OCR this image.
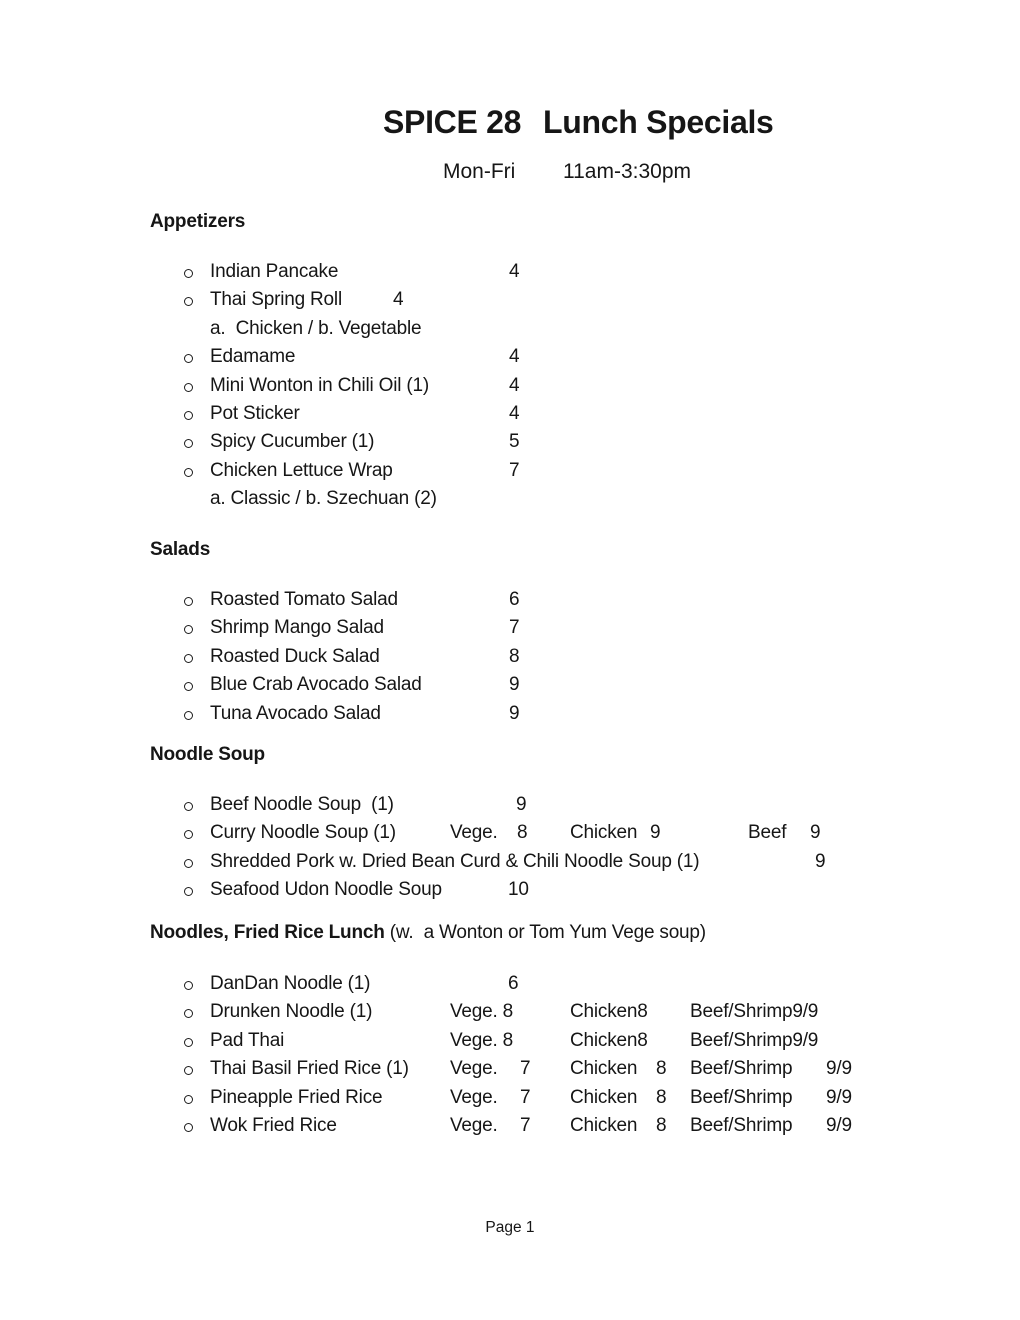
SPICE 28 Lunch Specials
Mon-Fri 11am-3:30pm
Appetizers
Indian Pancake	4
Thai Spring Roll	4
a.  Chicken / b. Vegetable
Edamame	4
Mini Wonton in Chili Oil (1)	4
Pot Sticker	4
Spicy Cucumber (1)	5
Chicken Lettuce Wrap	7
a. Classic / b. Szechuan (2)
Salads
Roasted Tomato Salad	6
Shrimp Mango Salad	7
Roasted Duck Salad	8
Blue Crab Avocado Salad	9
Tuna Avocado Salad	9
Noodle Soup
Beef Noodle Soup  (1)	9
Curry Noodle Soup (1)	Vege. 8 Chicken 9	Beef 9
Shredded Pork w. Dried Bean Curd & Chili Noodle Soup (1)	9
Seafood Udon Noodle Soup	10
Noodles, Fried Rice Lunch (w.  a Wonton or Tom Yum Vege soup)
DanDan Noodle (1)	6
Drunken Noodle (1)	Vege. 8	Chicken8 Beef/Shrimp9/9
Pad Thai	Vege. 8	Chicken8 Beef/Shrimp9/9
Thai Basil Fried Rice (1) Vege. 7 Chicken 8 Beef/Shrimp 9/9
Pineapple Fried Rice	Vege. 7 Chicken 8 Beef/Shrimp 9/9
Wok Fried Rice	Vege. 7 Chicken 8 Beef/Shrimp 9/9
Page 1
